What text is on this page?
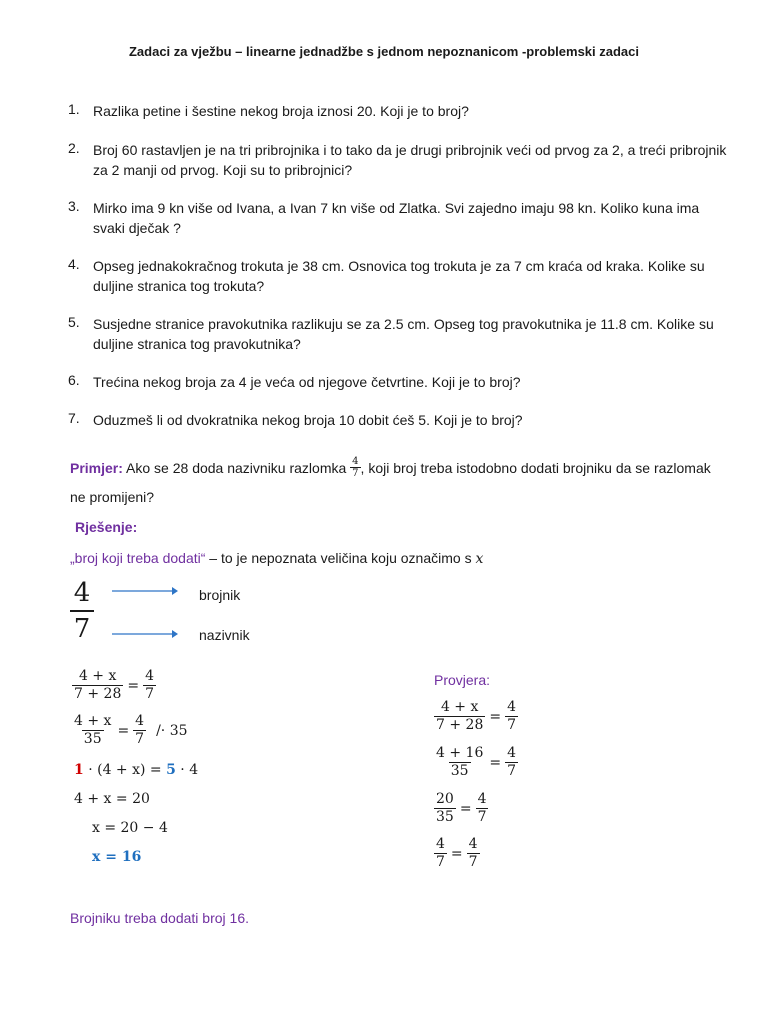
Zadaci za vježbu – linearne jednadžbe s jednom nepoznanicom -problemski zadaci
1. Razlika petine i šestine nekog broja iznosi 20. Koji je to broj?
2. Broj 60 rastavljen je na tri pribrojnika i to tako da je drugi pribrojnik veći od prvog za 2, a treći pribrojnik za 2 manji od prvog. Koji su to pribrojnici?
3. Mirko ima 9 kn više od Ivana, a Ivan 7 kn više od Zlatka. Svi zajedno imaju 98 kn. Koliko kuna ima svaki dječak ?
4. Opseg jednakokračnog trokuta je 38 cm. Osnovica tog trokuta je za 7 cm kraća od kraka. Kolike su duljine stranica tog trokuta?
5. Susjedne stranice pravokutnika razlikuju se za 2.5 cm. Opseg tog pravokutnika je 11.8 cm. Kolike su duljine stranica tog pravokutnika?
6. Trećina nekog broja za 4 je veća od njegove četvrtine. Koji je to broj?
7. Oduzmeš li od dvokratnika nekog broja 10 dobit ćeš 5. Koji je to broj?
Primjer: Ako se 28 doda nazivniku razlomka $\frac{4}{7}$ , koji broj treba istodobno dodati brojniku da se razlomak
ne promijeni?
Rješenje:
„broj koji treba dodati“ – to je nepoznata veličina koju označimo s x
4
7
brojnik
nazivnik
$\frac{4 + x}{7 + 28} = \frac{4}{7}$
$\frac{4 + x}{35} = \frac{4}{7} /\cdot 35$
1 · (4 + x) = 5 · 4
4 + x = 20
x = 20 − 4
x = 16
Provjera:
$\frac{4 + x}{7 + 28} = \frac{4}{7}$
$\frac{4 + 16}{35} = \frac{4}{7}$
$\frac{20}{35} = \frac{4}{7}$
$\frac{4}{7} = \frac{4}{7}$
Brojniku treba dodati broj 16.
